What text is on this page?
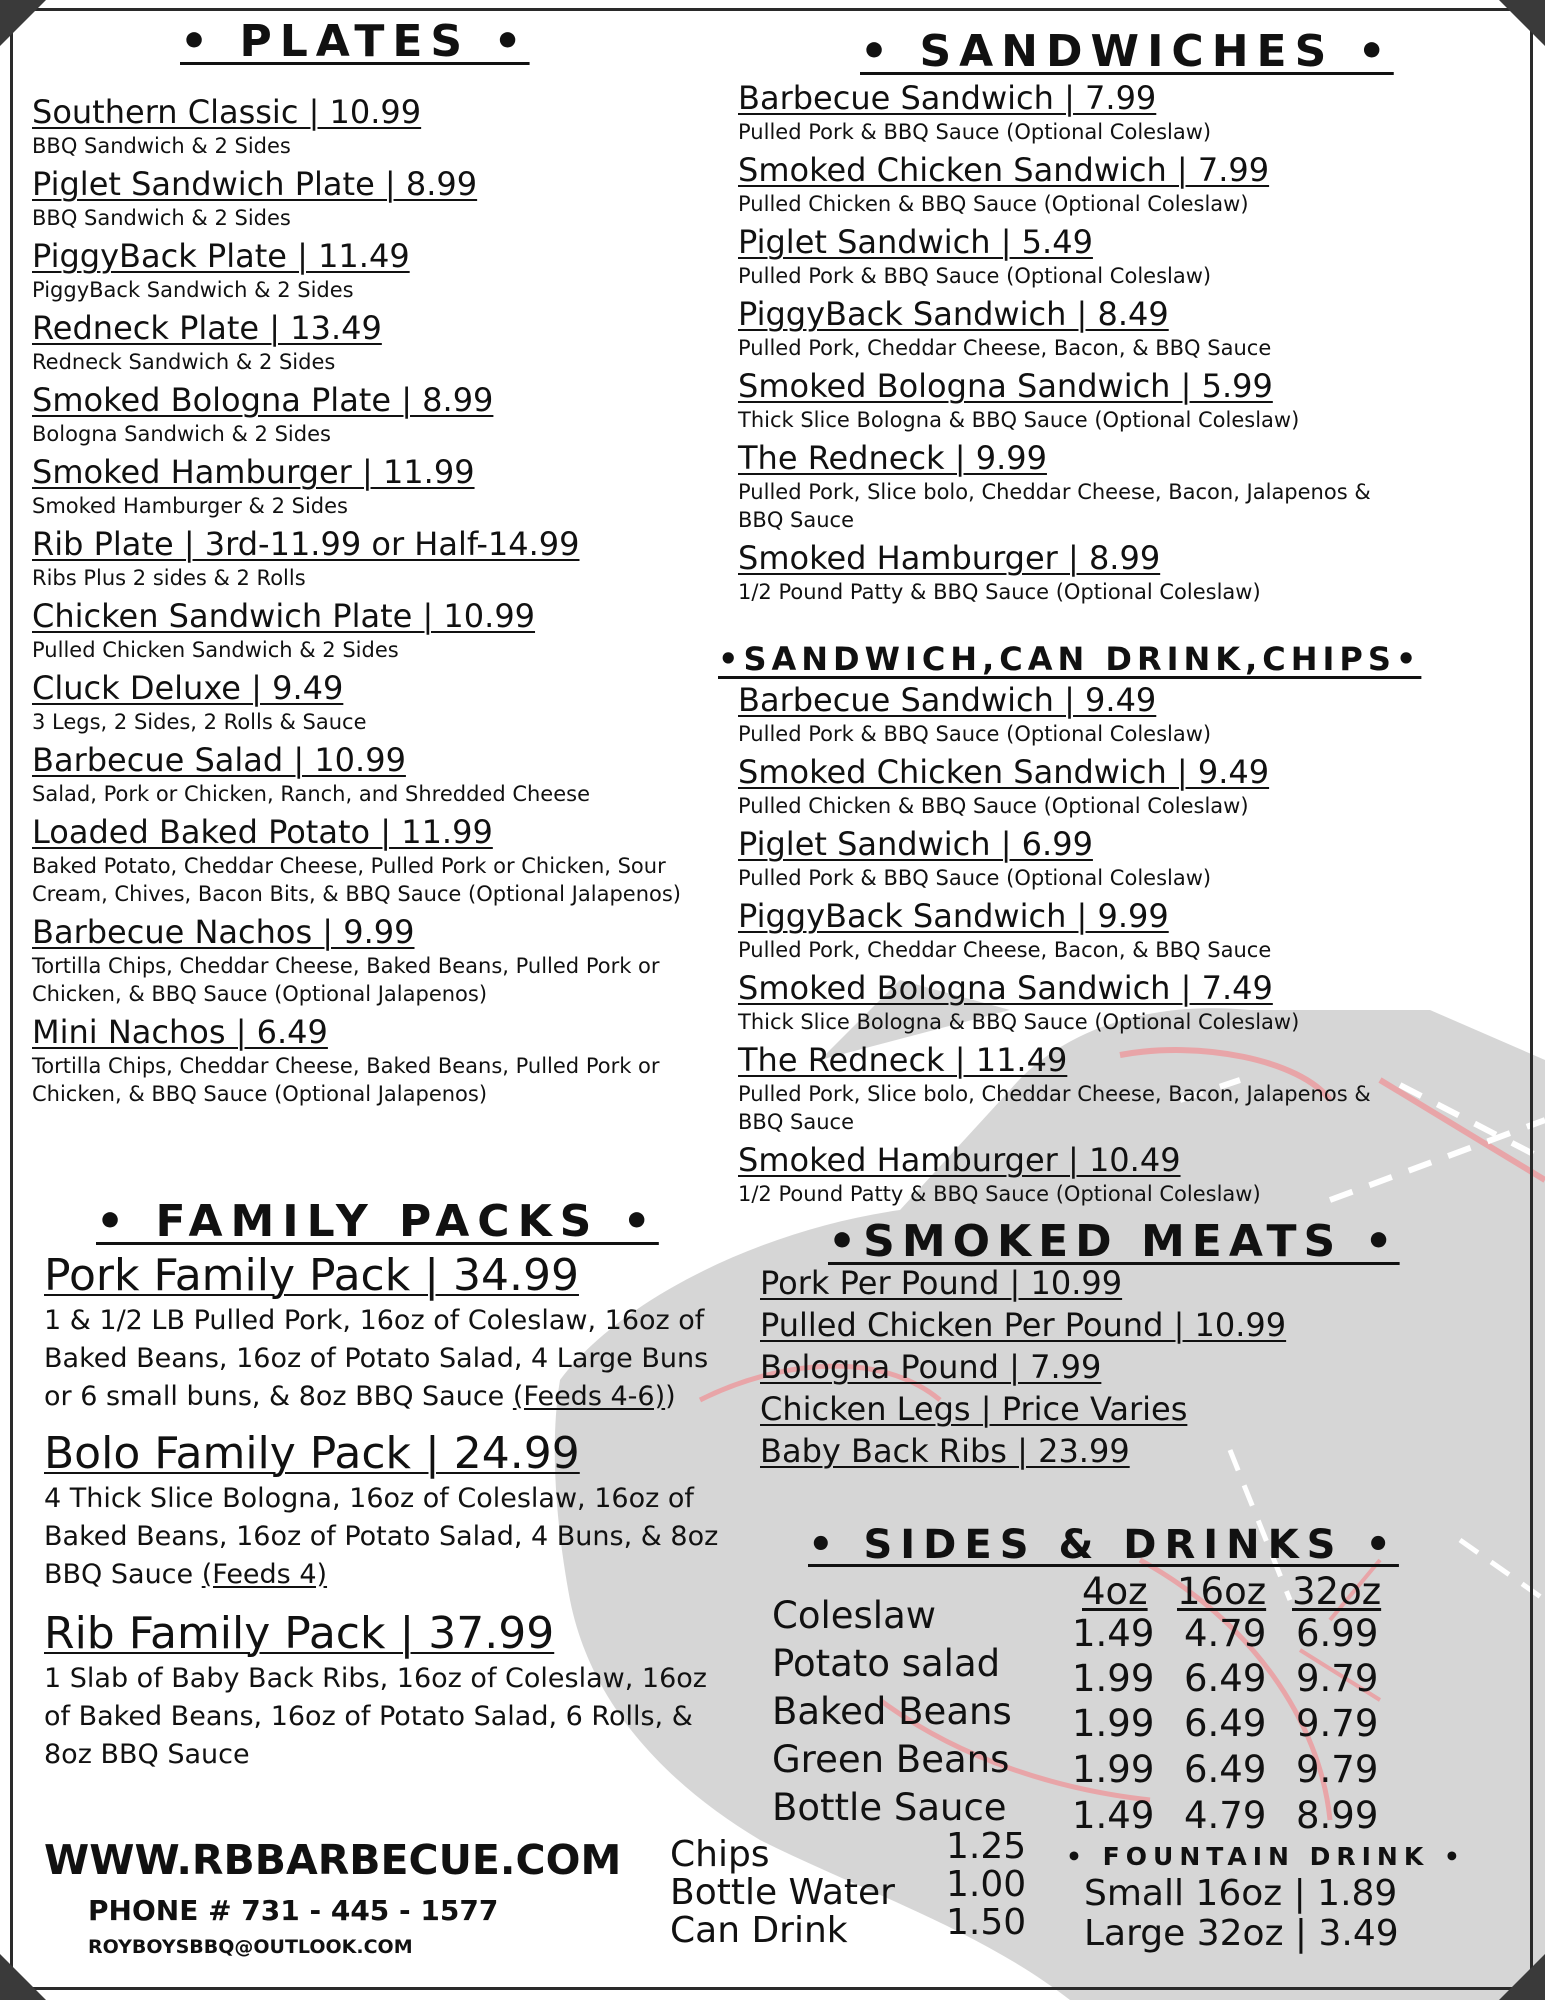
• PLATES •
Southern Classic | 10.99
BBQ Sandwich & 2 Sides
Piglet Sandwich Plate | 8.99
BBQ Sandwich & 2 Sides
PiggyBack Plate | 11.49
PiggyBack Sandwich & 2 Sides
Redneck Plate | 13.49
Redneck Sandwich & 2 Sides
Smoked Bologna Plate | 8.99
Bologna Sandwich & 2 Sides
Smoked Hamburger | 11.99
Smoked Hamburger & 2 Sides
Rib Plate | 3rd-11.99 or Half-14.99
Ribs Plus 2 sides & 2 Rolls
Chicken Sandwich Plate | 10.99
Pulled Chicken Sandwich & 2 Sides
Cluck Deluxe | 9.49
3 Legs, 2 Sides, 2 Rolls & Sauce
Barbecue Salad | 10.99
Salad, Pork or Chicken, Ranch, and Shredded Cheese
Loaded Baked Potato | 11.99
Baked Potato, Cheddar Cheese, Pulled Pork or Chicken, Sour Cream, Chives, Bacon Bits, & BBQ Sauce (Optional Jalapenos)
Barbecue Nachos | 9.99
Tortilla Chips, Cheddar Cheese, Baked Beans, Pulled Pork or Chicken, & BBQ Sauce (Optional Jalapenos)
Mini Nachos | 6.49
Tortilla Chips, Cheddar Cheese, Baked Beans, Pulled Pork or Chicken, & BBQ Sauce (Optional Jalapenos)
• SANDWICHES •
Barbecue Sandwich | 7.99
Pulled Pork & BBQ Sauce (Optional Coleslaw)
Smoked Chicken Sandwich | 7.99
Pulled Chicken & BBQ Sauce (Optional Coleslaw)
Piglet Sandwich | 5.49
Pulled Pork & BBQ Sauce (Optional Coleslaw)
PiggyBack Sandwich | 8.49
Pulled Pork, Cheddar Cheese, Bacon, & BBQ Sauce
Smoked Bologna Sandwich | 5.99
Thick Slice Bologna & BBQ Sauce (Optional Coleslaw)
The Redneck | 9.99
Pulled Pork, Slice bolo, Cheddar Cheese, Bacon, Jalapenos & BBQ Sauce
Smoked Hamburger | 8.99
1/2 Pound Patty & BBQ Sauce (Optional Coleslaw)
•SANDWICH,CAN DRINK,CHIPS•
Barbecue Sandwich | 9.49
Pulled Pork & BBQ Sauce (Optional Coleslaw)
Smoked Chicken Sandwich | 9.49
Pulled Chicken & BBQ Sauce (Optional Coleslaw)
Piglet Sandwich | 6.99
Pulled Pork & BBQ Sauce (Optional Coleslaw)
PiggyBack Sandwich | 9.99
Pulled Pork, Cheddar Cheese, Bacon, & BBQ Sauce
Smoked Bologna Sandwich | 7.49
Thick Slice Bologna & BBQ Sauce (Optional Coleslaw)
The Redneck | 11.49
Pulled Pork, Slice bolo, Cheddar Cheese, Bacon, Jalapenos & BBQ Sauce
Smoked Hamburger | 10.49
1/2 Pound Patty & BBQ Sauce (Optional Coleslaw)
• FAMILY PACKS •
Pork Family Pack | 34.99
1 & 1/2 LB Pulled Pork, 16oz of Coleslaw, 16oz of Baked Beans, 16oz of Potato Salad, 4 Large Buns or 6 small buns, & 8oz BBQ Sauce (Feeds 4-6))
Bolo Family Pack | 24.99
4 Thick Slice Bologna, 16oz of Coleslaw, 16oz of Baked Beans, 16oz of Potato Salad, 4 Buns, & 8oz BBQ Sauce (Feeds 4)
Rib Family Pack | 37.99
1 Slab of Baby Back Ribs, 16oz of Coleslaw, 16oz of Baked Beans, 16oz of Potato Salad, 6 Rolls, & 8oz BBQ Sauce
•SMOKED MEATS •
Pork Per Pound | 10.99
Pulled Chicken Per Pound | 10.99
Bologna Pound | 7.99
Chicken Legs | Price Varies
Baby Back Ribs | 23.99
• SIDES & DRINKS •
4oz 16oz 32oz
Coleslaw	1.49 4.79 6.99
Potato salad 1.99 6.49 9.79
Baked Beans 1.99 6.49 9.79
Green Beans 1.99 6.49 9.79
Bottle Sauce 1.49 4.79 8.99
Chips	1.25
Bottle Water 1.00
Can Drink	1.50
• FOUNTAIN DRINK •
Small 16oz | 1.89
Large 32oz | 3.49
WWW.RBBARBECUE.COM
PHONE # 731 - 445 - 1577
ROYBOYSBBQ@OUTLOOK.COM
